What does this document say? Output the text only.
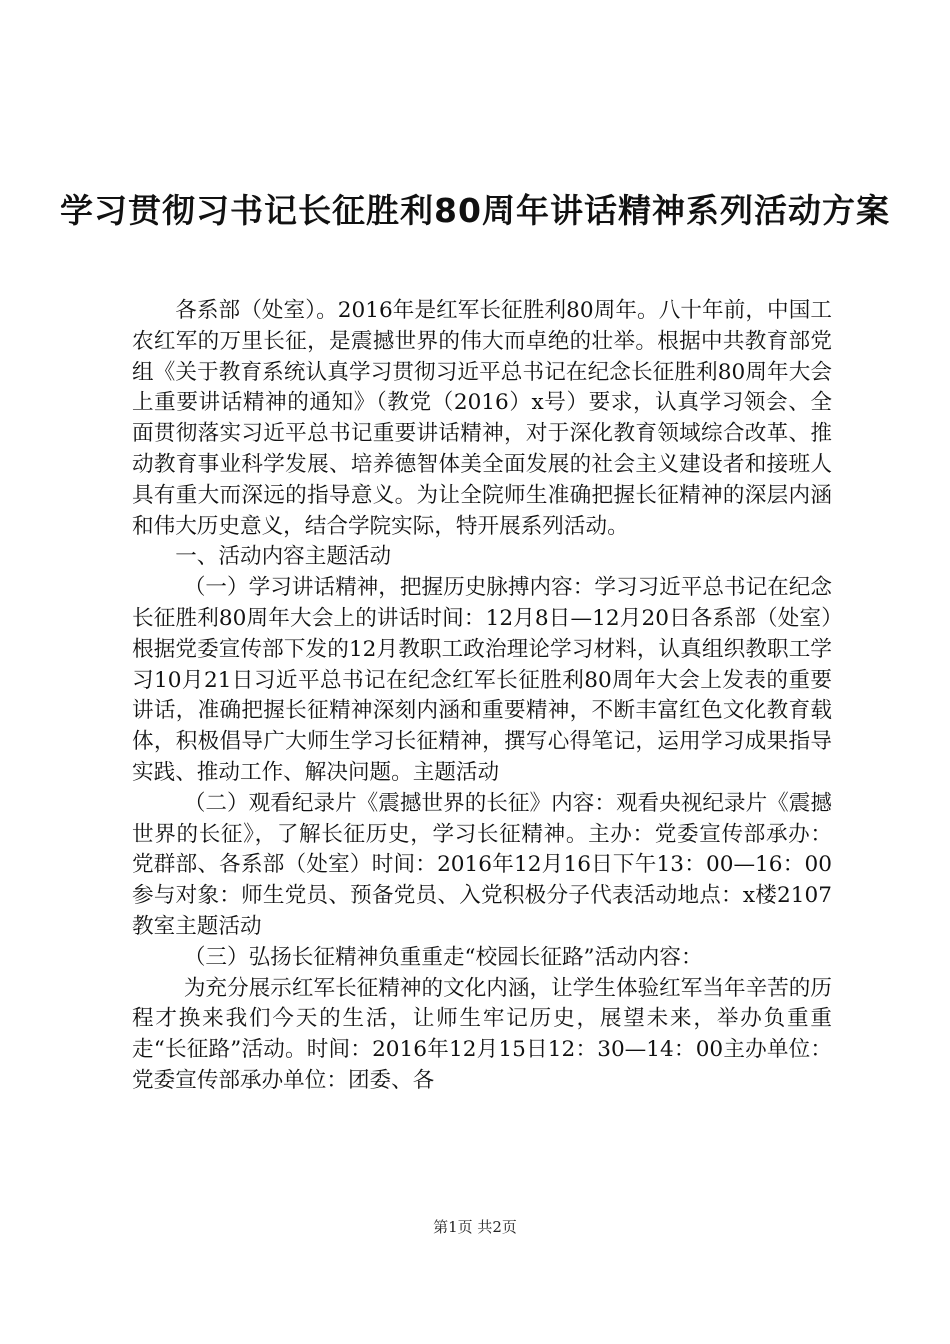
学习贯彻习书记长征胜利80周年讲话精神系列活动方案

各系部（处室）。2016年是红军长征胜利80周年。八十年前，中国工农红军的万里长征，是震撼世界的伟大而卓绝的壮举。根据中共教育部党组《关于教育系统认真学习贯彻习近平总书记在纪念长征胜利80周年大会上重要讲话精神的通知》（教党（2016）x号）要求，认真学习领会、全面贯彻落实习近平总书记重要讲话精神，对于深化教育领域综合改革、推动教育事业科学发展、培养德智体美全面发展的社会主义建设者和接班人具有重大而深远的指导意义。为让全院师生准确把握长征精神的深层内涵和伟大历史意义，结合学院实际，特开展系列活动。

一、活动内容主题活动

（一）学习讲话精神，把握历史脉搏内容：学习习近平总书记在纪念长征胜利80周年大会上的讲话时间：12月8日—12月20日各系部（处室）根据党委宣传部下发的12月教职工政治理论学习材料，认真组织教职工学习10月21日习近平总书记在纪念红军长征胜利80周年大会上发表的重要讲话，准确把握长征精神深刻内涵和重要精神，不断丰富红色文化教育载体，积极倡导广大师生学习长征精神，撰写心得笔记，运用学习成果指导实践、推动工作、解决问题。主题活动

（二）观看纪录片《震撼世界的长征》内容：观看央视纪录片《震撼世界的长征》，了解长征历史，学习长征精神。主办：党委宣传部承办：党群部、各系部（处室）时间：2016年12月16日下午13：00—16：00参与对象：师生党员、预备党员、入党积极分子代表活动地点：x楼2107教室主题活动

（三）弘扬长征精神负重重走“校园长征路”活动内容：

为充分展示红军长征精神的文化内涵，让学生体验红军当年辛苦的历程才换来我们今天的生活，让师生牢记历史，展望未来，举办负重重走“长征路”活动。时间：2016年12月15日12：30—14：00主办单位：党委宣传部承办单位：团委、各

第1页 共2页
